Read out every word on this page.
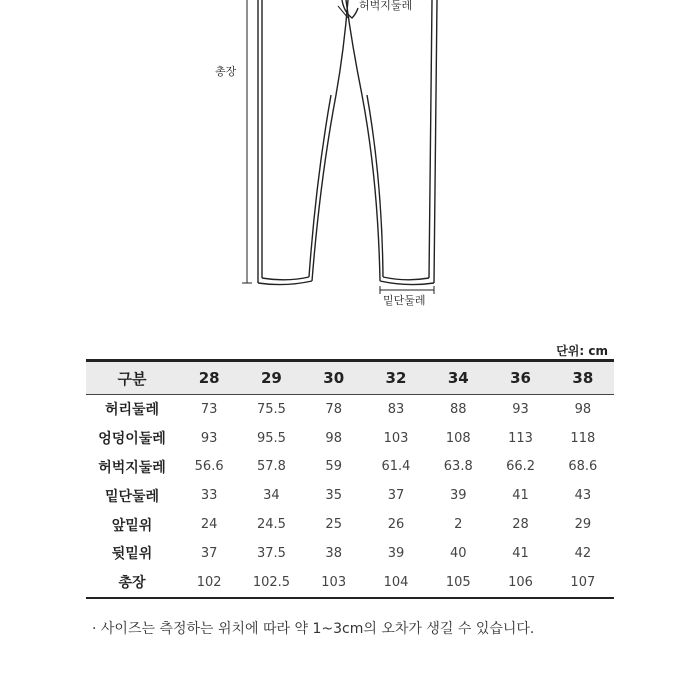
허벅지둘레
총장
밑단둘레
단위: cm
구분	28	29	30	32	34	36	38
허리둘레	73	75.5	78	83	88	93	98
엉덩이둘레	93	95.5	98	103	108	113	118
허벅지둘레	56.6	57.8	59	61.4	63.8	66.2	68.6
밑단둘레	33	34	35	37	39	41	43
앞밑위	24	24.5	25	26	2	28	29
뒷밑위	37	37.5	38	39	40	41	42
총장	102	102.5	103	104	105	106	107
· 사이즈는 측정하는 위치에 따라 약 1~3cm의 오차가 생길 수 있습니다.
